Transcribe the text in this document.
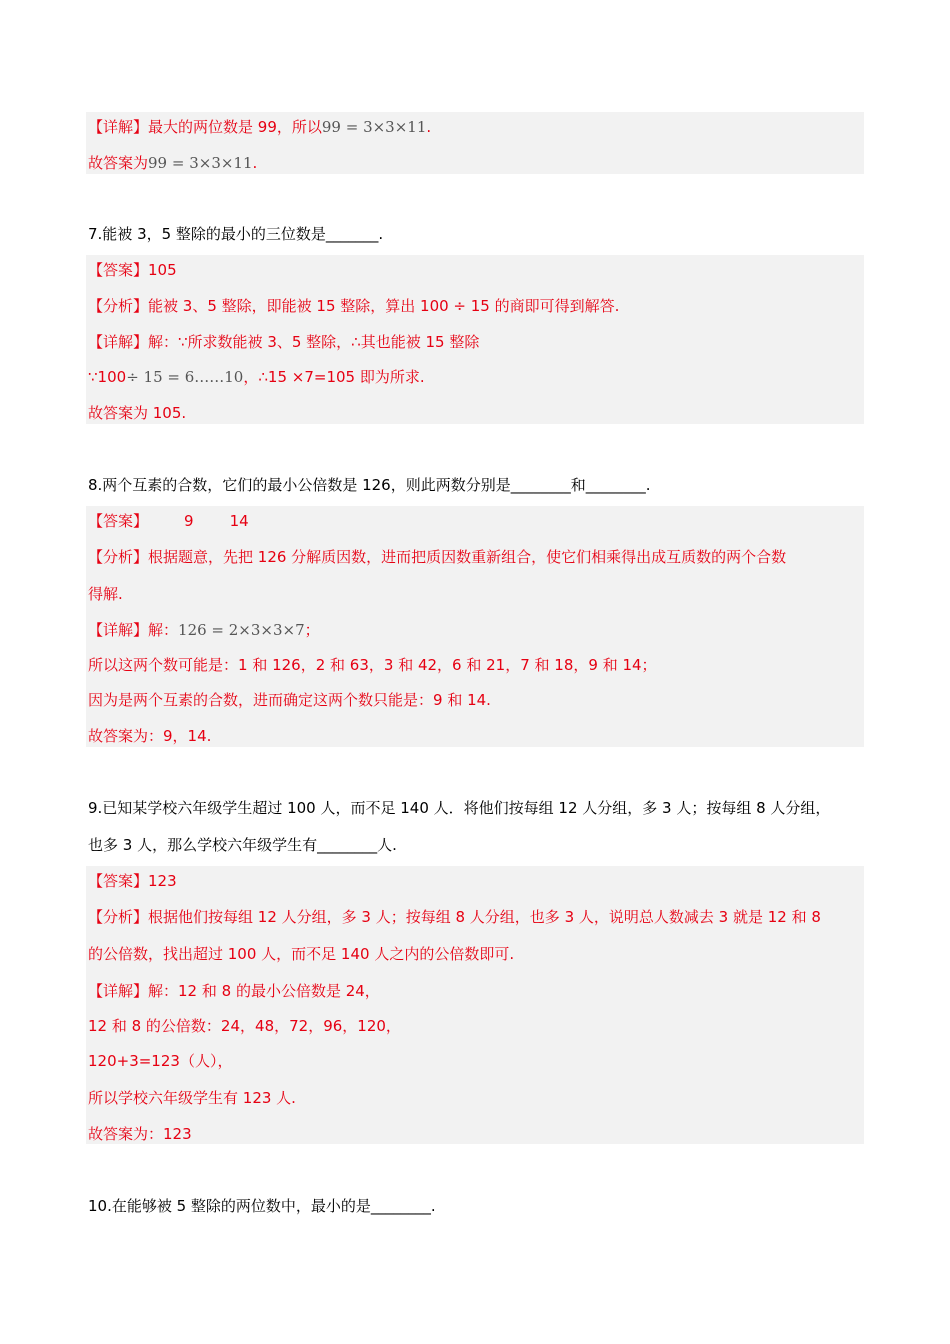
【详解】最大的两位数是 99，所以99 = 3×3×11.
故答案为99 = 3×3×11.
7.能被 3，5 整除的最小的三位数是_______.
【答案】105
【分析】能被 3、5 整除，即能被 15 整除，算出 100 ÷ 15 的商即可得到解答.
【详解】解：∵所求数能被 3、5 整除，∴其也能被 15 整除
∵100÷ 15 = 6……10，∴15 ×7=105 即为所求.
故答案为 105.
8.两个互素的合数，它们的最小公倍数是 126，则此两数分别是________和________.
【答案】 9 14
【分析】根据题意，先把 126 分解质因数，进而把质因数重新组合，使它们相乘得出成互质数的两个合数
得解.
【详解】解：126 = 2×3×3×7；
所以这两个数可能是：1 和 126，2 和 63，3 和 42，6 和 21，7 和 18，9 和 14；
因为是两个互素的合数，进而确定这两个数只能是：9 和 14.
故答案为：9，14.
9.已知某学校六年级学生超过 100 人，而不足 140 人．将他们按每组 12 人分组，多 3 人；按每组 8 人分组，
也多 3 人，那么学校六年级学生有________人.
【答案】123
【分析】根据他们按每组 12 人分组，多 3 人；按每组 8 人分组，也多 3 人，说明总人数减去 3 就是 12 和 8
的公倍数，找出超过 100 人，而不足 140 人之内的公倍数即可.
【详解】解：12 和 8 的最小公倍数是 24，
12 和 8 的公倍数：24，48，72，96，120，
120+3=123（人），
所以学校六年级学生有 123 人.
故答案为：123
10.在能够被 5 整除的两位数中，最小的是________.
